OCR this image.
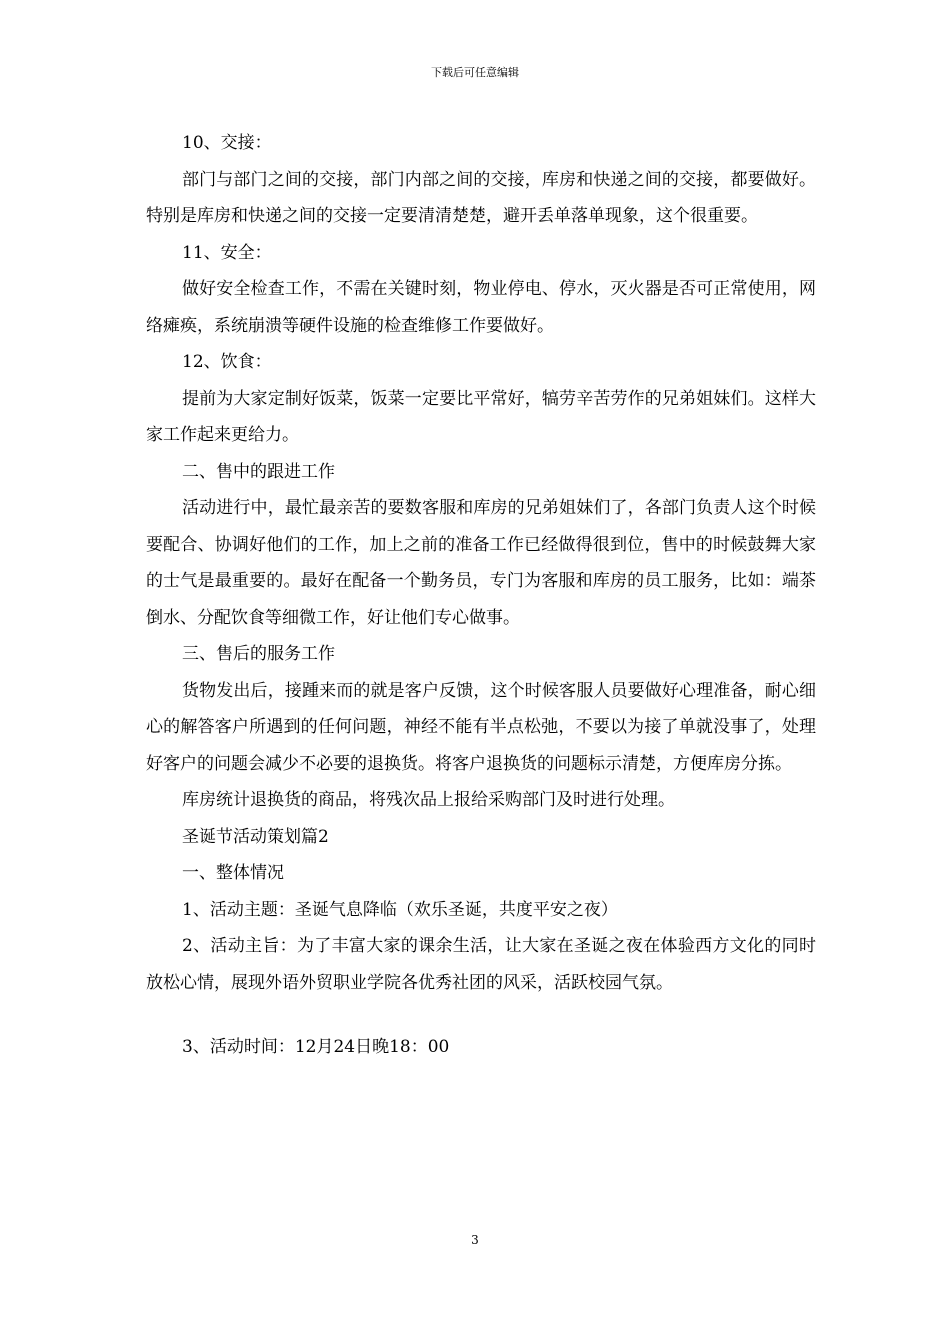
下载后可任意编辑

10、交接：

部门与部门之间的交接，部门内部之间的交接，库房和快递之间的交接，都要做好。特别是库房和快递之间的交接一定要清清楚楚，避开丢单落单现象，这个很重要。

11、安全：

做好安全检查工作，不需在关键时刻，物业停电、停水，灭火器是否可正常使用，网络瘫痪，系统崩溃等硬件设施的检查维修工作要做好。

12、饮食：

提前为大家定制好饭菜，饭菜一定要比平常好，犒劳辛苦劳作的兄弟姐妹们。这样大家工作起来更给力。

二、售中的跟进工作

活动进行中，最忙最亲苦的要数客服和库房的兄弟姐妹们了，各部门负责人这个时候要配合、协调好他们的工作，加上之前的准备工作已经做得很到位，售中的时候鼓舞大家的士气是最重要的。最好在配备一个勤务员，专门为客服和库房的员工服务，比如：端茶倒水、分配饮食等细微工作，好让他们专心做事。

三、售后的服务工作

货物发出后，接踵来而的就是客户反馈，这个时候客服人员要做好心理准备，耐心细心的解答客户所遇到的任何问题，神经不能有半点松弛，不要以为接了单就没事了，处理好客户的问题会减少不必要的退换货。将客户退换货的问题标示清楚，方便库房分拣。

库房统计退换货的商品，将残次品上报给采购部门及时进行处理。

圣诞节活动策划篇2

一、整体情况

1、活动主题：圣诞气息降临（欢乐圣诞，共度平安之夜）

2、活动主旨：为了丰富大家的课余生活，让大家在圣诞之夜在体验西方文化的同时放松心情，展现外语外贸职业学院各优秀社团的风采，活跃校园气氛。

3、活动时间：12月24日晚18：00

3
